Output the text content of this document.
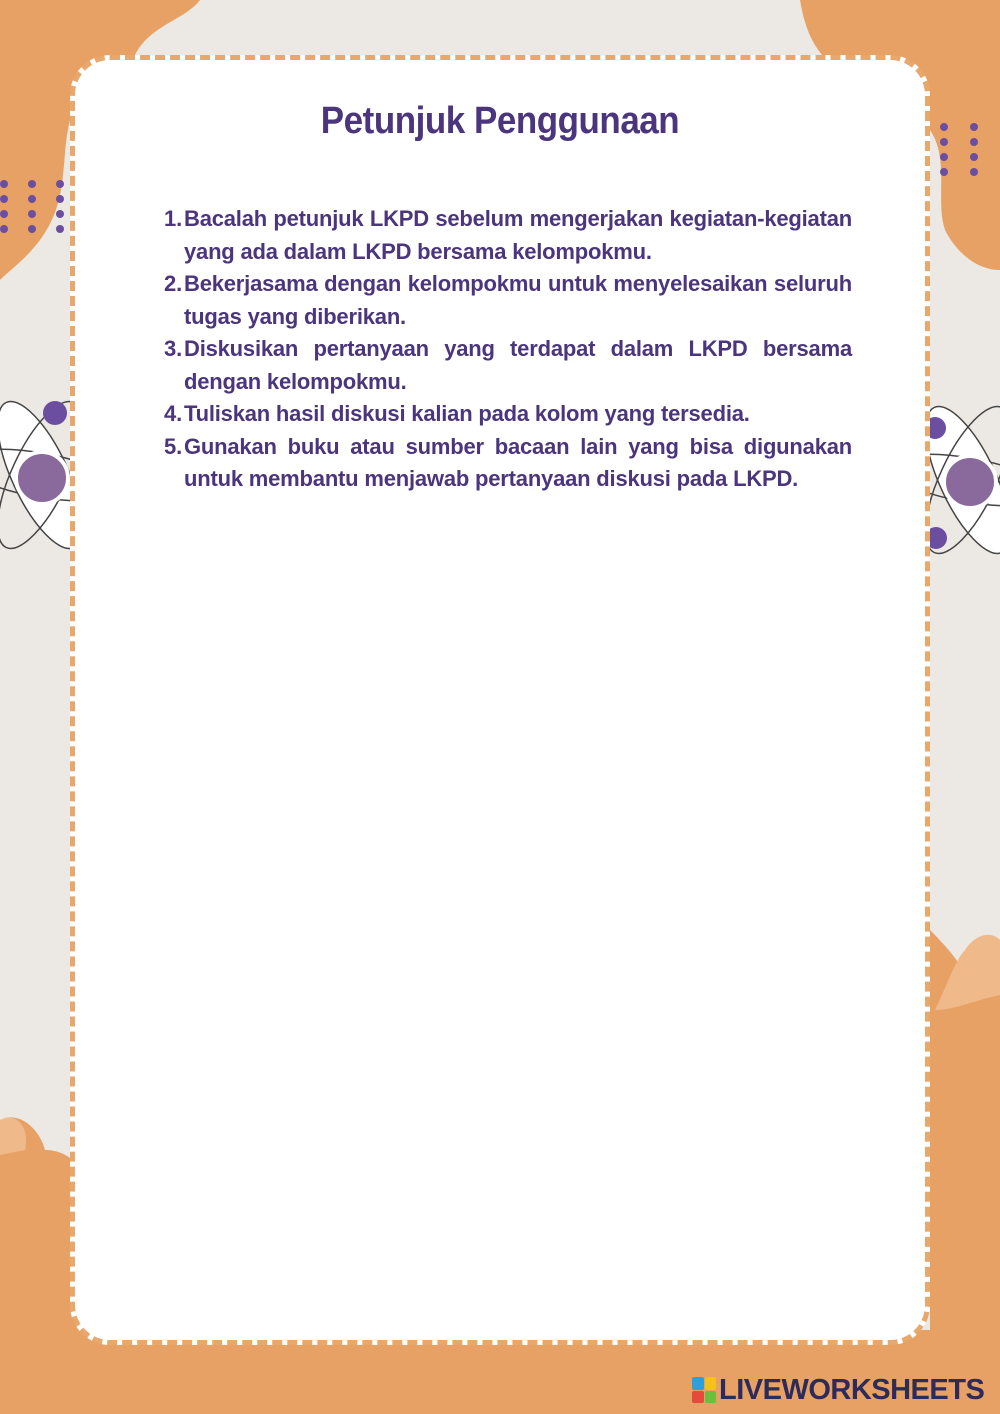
Petunjuk Penggunaan
1. Bacalah petunjuk LKPD sebelum mengerjakan kegiatan-kegiatan yang ada dalam LKPD bersama kelompokmu.
2. Bekerjasama dengan kelompokmu untuk menyelesaikan seluruh tugas yang diberikan.
3. Diskusikan pertanyaan yang terdapat dalam LKPD bersama dengan kelompokmu.
4. Tuliskan hasil diskusi kalian pada kolom yang tersedia.
5. Gunakan buku atau sumber bacaan lain yang bisa digunakan untuk membantu menjawab pertanyaan diskusi pada LKPD.
LIVEWORKSHEETS
